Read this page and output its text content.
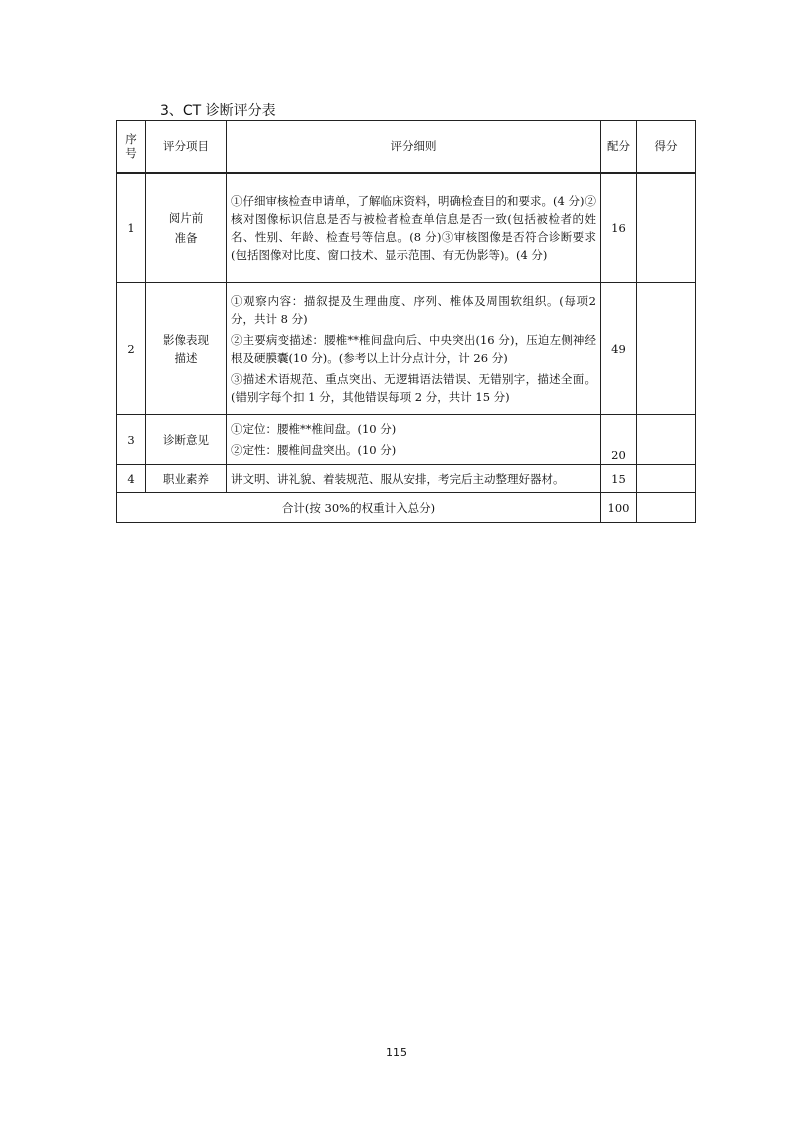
3、CT 诊断评分表
序号	评分项目	评分细则	配分	得分
1	阅片前准备	①仔细审核检查申请单，了解临床资料，明确检查目的和要求。(4 分)②核对图像标识信息是否与被检者检查单信息是否一致(包括被检者的姓名、性别、年龄、检查号等信息。(8 分)③审核图像是否符合诊断要求(包括图像对比度、窗口技术、显示范围、有无伪影等)。(4 分)	16	
2	影像表现描述	①观察内容：描叙提及生理曲度、序列、椎体及周围软组织。(每项2分，共计 8 分)
②主要病变描述：腰椎**椎间盘向后、中央突出(16 分)，压迫左侧神经根及硬膜囊(10 分)。(参考以上计分点计分，计 26 分)
③描述术语规范、重点突出、无逻辑语法错误、无错别字，描述全面。(错别字每个扣 1 分，其他错误每项 2 分，共计 15 分)	49	
3	诊断意见	①定位：腰椎**椎间盘。(10 分)
②定性：腰椎间盘突出。(10 分)	20	
4	职业素养	讲文明、讲礼貌、着装规范、服从安排，考完后主动整理好器材。	15	
合计(按 30%的权重计入总分)			100	
115
